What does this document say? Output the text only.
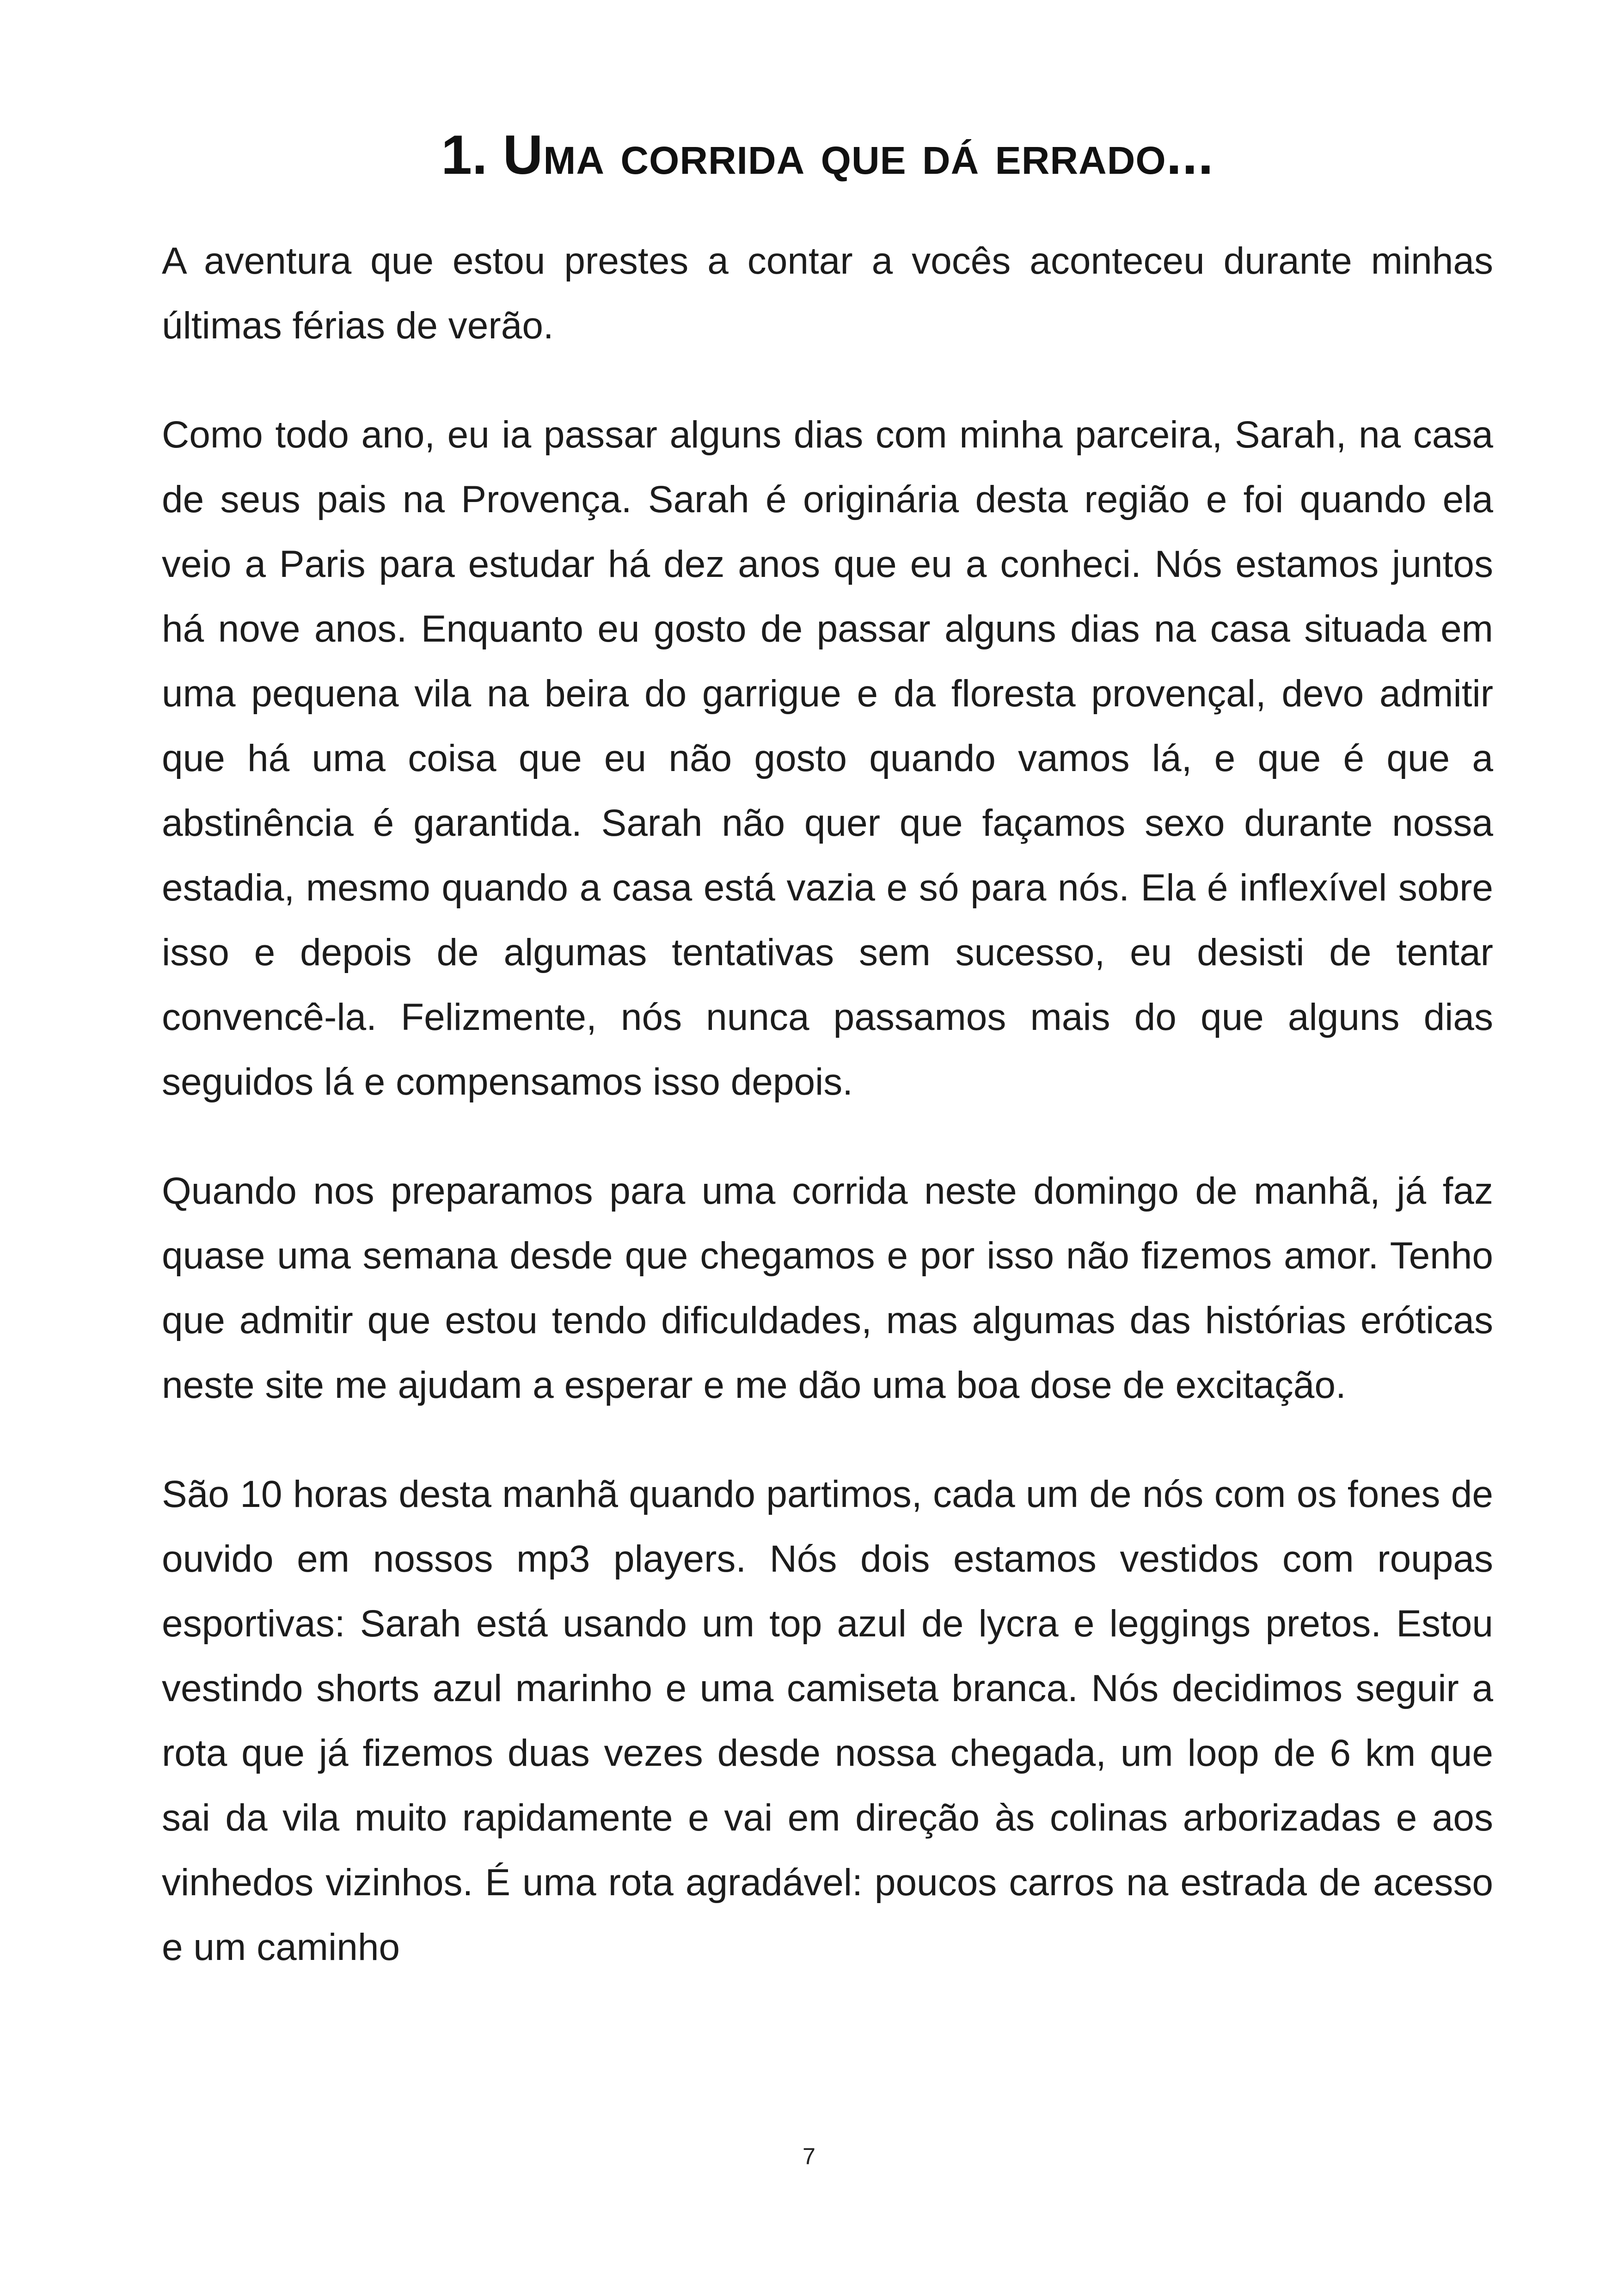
1. Uma corrida que dá errado...

A aventura que estou prestes a contar a vocês aconteceu durante minhas últimas férias de verão.

Como todo ano, eu ia passar alguns dias com minha parceira, Sarah, na casa de seus pais na Provença. Sarah é originária desta região e foi quando ela veio a Paris para estudar há dez anos que eu a conheci. Nós estamos juntos há nove anos. Enquanto eu gosto de passar alguns dias na casa situada em uma pequena vila na beira do garrigue e da floresta provençal, devo admitir que há uma coisa que eu não gosto quando vamos lá, e que é que a abstinência é garantida. Sarah não quer que façamos sexo durante nossa estadia, mesmo quando a casa está vazia e só para nós. Ela é inflexível sobre isso e depois de algumas tentativas sem sucesso, eu desisti de tentar convencê-la. Felizmente, nós nunca passamos mais do que alguns dias seguidos lá e compensamos isso depois.

Quando nos preparamos para uma corrida neste domingo de manhã, já faz quase uma semana desde que chegamos e por isso não fizemos amor. Tenho que admitir que estou tendo dificuldades, mas algumas das histórias eróticas neste site me ajudam a esperar e me dão uma boa dose de excitação.

São 10 horas desta manhã quando partimos, cada um de nós com os fones de ouvido em nossos mp3 players. Nós dois estamos vestidos com roupas esportivas: Sarah está usando um top azul de lycra e leggings pretos. Estou vestindo shorts azul marinho e uma camiseta branca. Nós decidimos seguir a rota que já fizemos duas vezes desde nossa chegada, um loop de 6 km que sai da vila muito rapidamente e vai em direção às colinas arborizadas e aos vinhedos vizinhos. É uma rota agradável: poucos carros na estrada de acesso e um caminho

7
